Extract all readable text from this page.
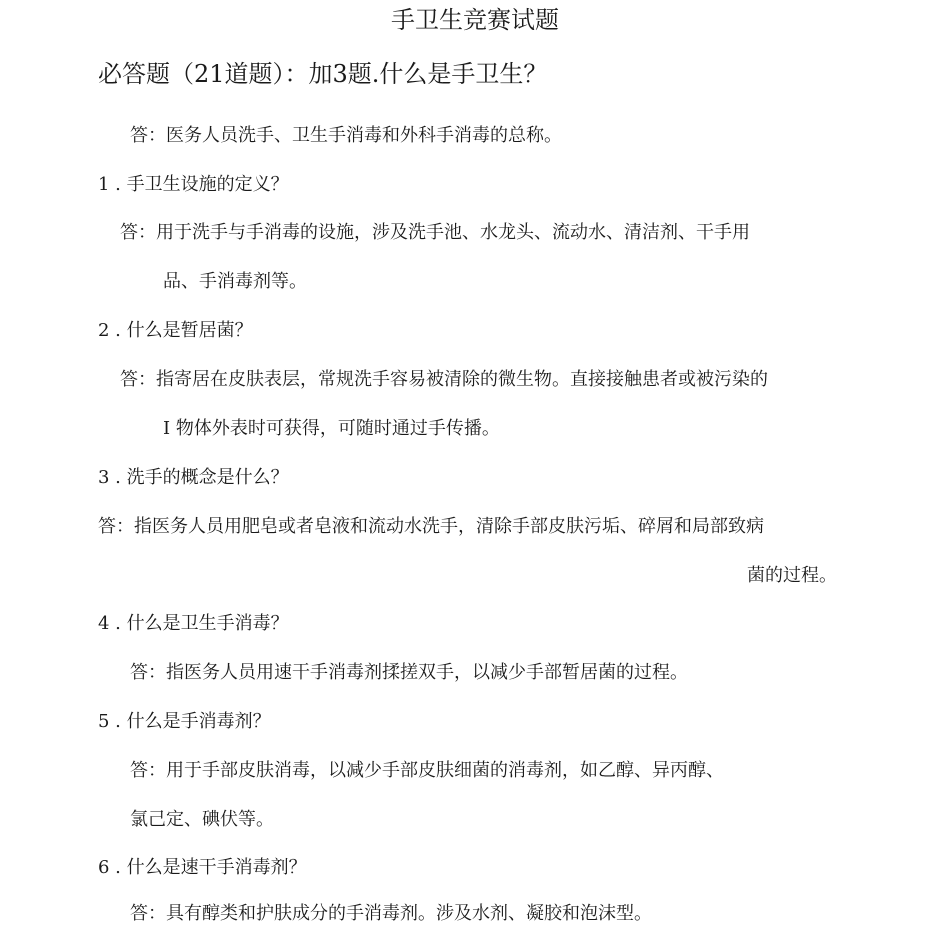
手卫生竞赛试题
必答题（21道题）：加3题.什么是手卫生？
答：医务人员洗手、卫生手消毒和外科手消毒的总称。
1 . 手卫生设施的定义？
答：用于洗手与手消毒的设施，涉及洗手池、水龙头、流动水、清洁剂、干手用
品、手消毒剂等。
2 . 什么是暂居菌？
答：指寄居在皮肤表层，常规洗手容易被清除的微生物。直接接触患者或被污染的
I 物体外表时可获得，可随时通过手传播。
3 . 洗手的概念是什么？
答：指医务人员用肥皂或者皂液和流动水洗手，清除手部皮肤污垢、碎屑和局部致病
菌的过程。
4 . 什么是卫生手消毒？
答：指医务人员用速干手消毒剂揉搓双手，以减少手部暂居菌的过程。
5 . 什么是手消毒剂？
答：用于手部皮肤消毒，以减少手部皮肤细菌的消毒剂，如乙醇、异丙醇、
氯己定、碘伏等。
6 . 什么是速干手消毒剂？
答：具有醇类和护肤成分的手消毒剂。涉及水剂、凝胶和泡沫型。
